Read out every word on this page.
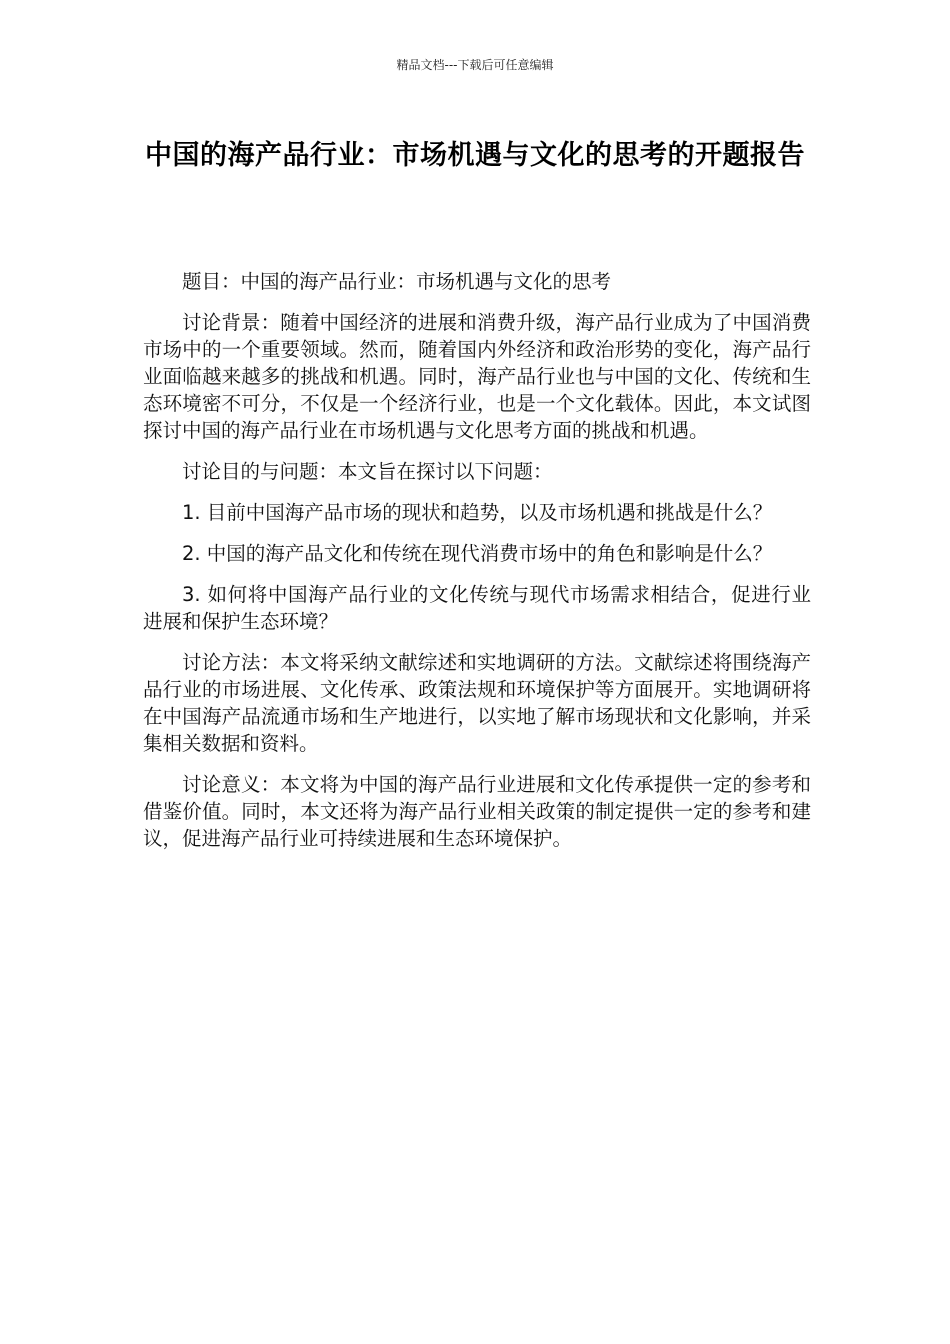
精品文档---下载后可任意编辑
中国的海产品行业：市场机遇与文化的思考的开题报告

题目：中国的海产品行业：市场机遇与文化的思考

讨论背景：随着中国经济的进展和消费升级，海产品行业成为了中国消费市场中的一个重要领域。然而，随着国内外经济和政治形势的变化，海产品行业面临越来越多的挑战和机遇。同时，海产品行业也与中国的文化、传统和生态环境密不可分，不仅是一个经济行业，也是一个文化载体。因此，本文试图探讨中国的海产品行业在市场机遇与文化思考方面的挑战和机遇。

讨论目的与问题：本文旨在探讨以下问题：

1. 目前中国海产品市场的现状和趋势，以及市场机遇和挑战是什么？

2. 中国的海产品文化和传统在现代消费市场中的角色和影响是什么？

3. 如何将中国海产品行业的文化传统与现代市场需求相结合，促进行业进展和保护生态环境？

讨论方法：本文将采纳文献综述和实地调研的方法。文献综述将围绕海产品行业的市场进展、文化传承、政策法规和环境保护等方面展开。实地调研将在中国海产品流通市场和生产地进行，以实地了解市场现状和文化影响，并采集相关数据和资料。

讨论意义：本文将为中国的海产品行业进展和文化传承提供一定的参考和借鉴价值。同时，本文还将为海产品行业相关政策的制定提供一定的参考和建议，促进海产品行业可持续进展和生态环境保护。
